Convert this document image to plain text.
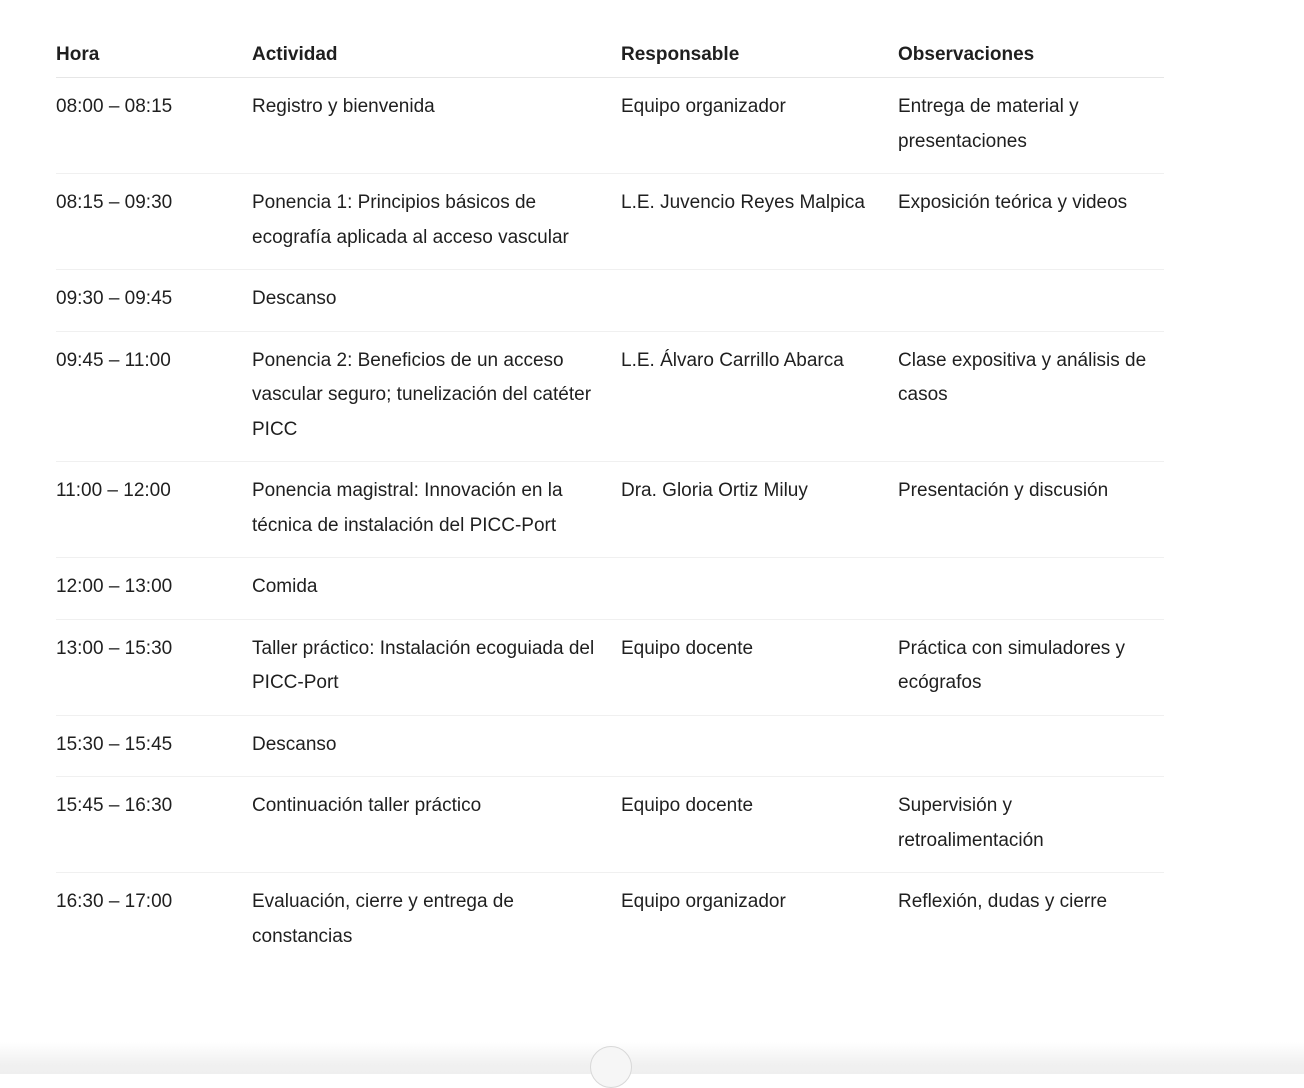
Hora	Actividad	Responsable	Observaciones
08:00 – 08:15	Registro y bienvenida	Equipo organizador	Entrega de material y presentaciones
08:15 – 09:30	Ponencia 1: Principios básicos de ecografía aplicada al acceso vascular	L.E. Juvencio Reyes Malpica	Exposición teórica y videos
09:30 – 09:45	Descanso		
09:45 – 11:00	Ponencia 2: Beneficios de un acceso vascular seguro; tunelización del catéter PICC	L.E. Álvaro Carrillo Abarca	Clase expositiva y análisis de casos
11:00 – 12:00	Ponencia magistral: Innovación en la técnica de instalación del PICC-Port	Dra. Gloria Ortiz Miluy	Presentación y discusión
12:00 – 13:00	Comida		
13:00 – 15:30	Taller práctico: Instalación ecoguiada del PICC-Port	Equipo docente	Práctica con simuladores y ecógrafos
15:30 – 15:45	Descanso		
15:45 – 16:30	Continuación taller práctico	Equipo docente	Supervisión y retroalimentación
16:30 – 17:00	Evaluación, cierre y entrega de constancias	Equipo organizador	Reflexión, dudas y cierre
